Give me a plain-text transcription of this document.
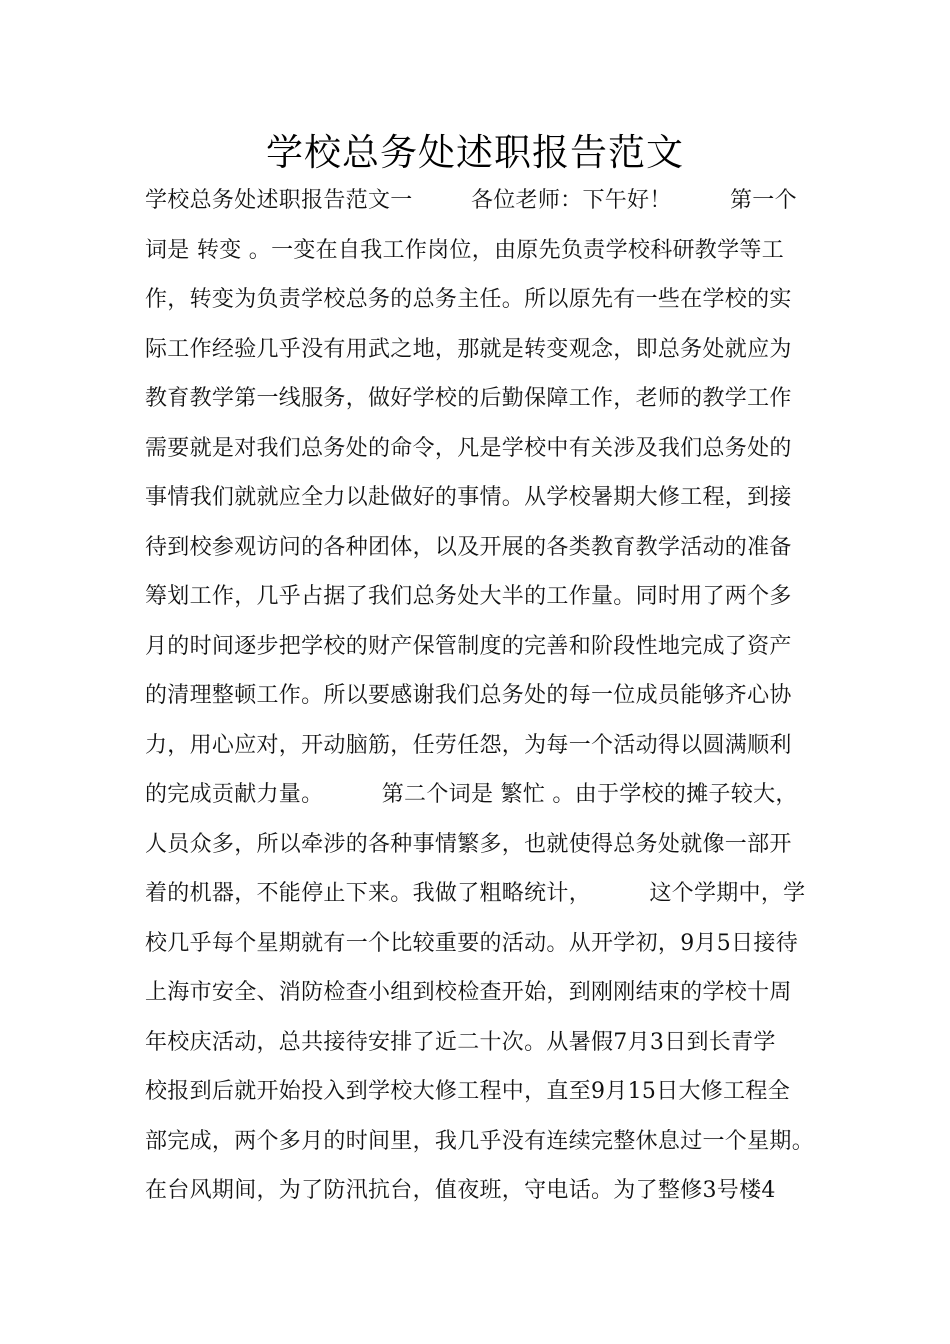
学校总务处述职报告范文
学校总务处述职报告范文一        各位老师：下午好！        第一个
词是 转变 。一变在自我工作岗位，由原先负责学校科研教学等工
作，转变为负责学校总务的总务主任。所以原先有一些在学校的实
际工作经验几乎没有用武之地，那就是转变观念，即总务处就应为
教育教学第一线服务，做好学校的后勤保障工作，老师的教学工作
需要就是对我们总务处的命令，凡是学校中有关涉及我们总务处的
事情我们就就应全力以赴做好的事情。从学校暑期大修工程，到接
待到校参观访问的各种团体，以及开展的各类教育教学活动的准备
筹划工作，几乎占据了我们总务处大半的工作量。同时用了两个多
月的时间逐步把学校的财产保管制度的完善和阶段性地完成了资产
的清理整顿工作。所以要感谢我们总务处的每一位成员能够齐心协
力，用心应对，开动脑筋，任劳任怨，为每一个活动得以圆满顺利
的完成贡献力量。        第二个词是 繁忙 。由于学校的摊子较大，
人员众多，所以牵涉的各种事情繁多，也就使得总务处就像一部开
着的机器，不能停止下来。我做了粗略统计，        这个学期中，学
校几乎每个星期就有一个比较重要的活动。从开学初，9月5日接待
上海市安全、消防检查小组到校检查开始，到刚刚结束的学校十周
年校庆活动，总共接待安排了近二十次。从暑假7月3日到长青学
校报到后就开始投入到学校大修工程中，直至9月15日大修工程全
部完成，两个多月的时间里，我几乎没有连续完整休息过一个星期。
在台风期间，为了防汛抗台，值夜班，守电话。为了整修3号楼4
